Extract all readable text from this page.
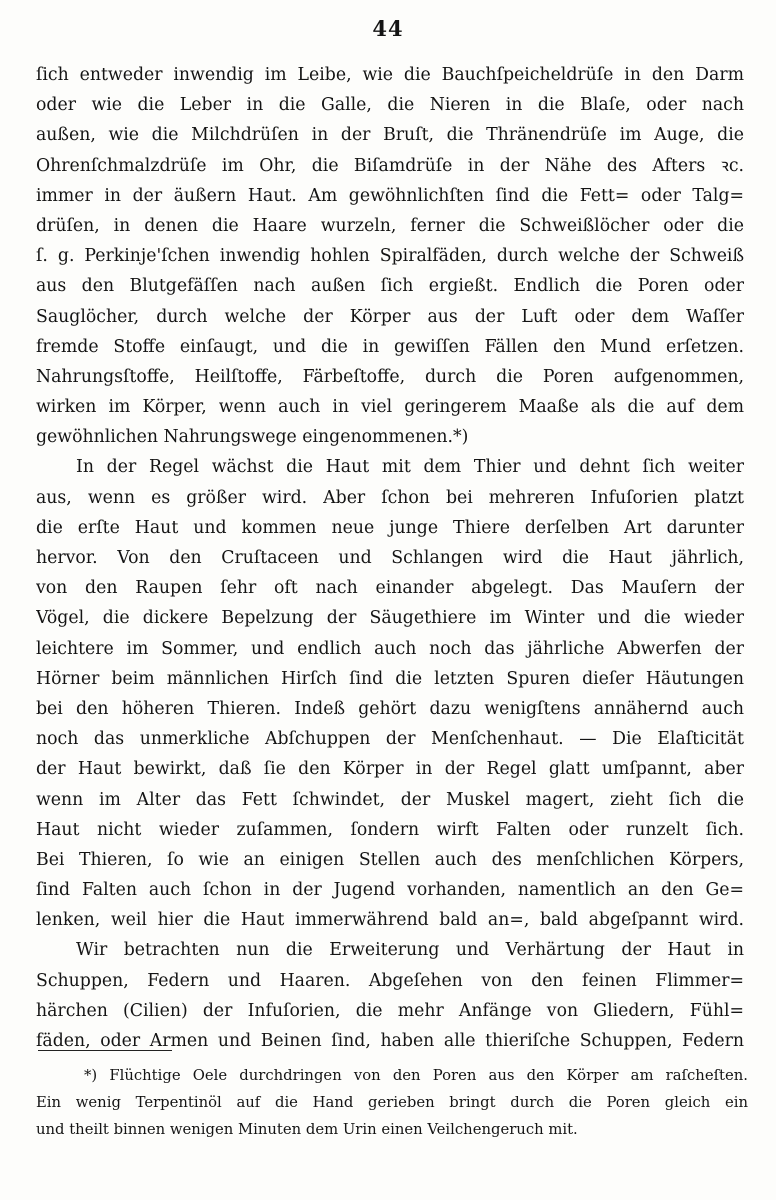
44
ſich entweder inwendig im Leibe, wie die Bauchſpeicheldrüſe in den Darm
oder wie die Leber in die Galle, die Nieren in die Blaſe, oder nach
außen, wie die Milchdrüſen in der Bruſt, die Thränendrüſe im Auge, die
Ohrenſchmalzdrüſe im Ohr, die Biſamdrüſe in der Nähe des Afters ꝛc.
immer in der äußern Haut. Am gewöhnlichſten ſind die Fett= oder Talg=
drüſen, in denen die Haare wurzeln, ferner die Schweißlöcher oder die
ſ. g. Perkinje'ſchen inwendig hohlen Spiralfäden, durch welche der Schweiß
aus den Blutgefäſſen nach außen ſich ergießt. Endlich die Poren oder
Sauglöcher, durch welche der Körper aus der Luft oder dem Waſſer
fremde Stoffe einſaugt, und die in gewiſſen Fällen den Mund erſetzen.
Nahrungsſtoffe, Heilſtoffe, Färbeſtoffe, durch die Poren aufgenommen,
wirken im Körper, wenn auch in viel geringerem Maaße als die auf dem
gewöhnlichen Nahrungswege eingenommenen.*)
In der Regel wächst die Haut mit dem Thier und dehnt ſich weiter
aus, wenn es größer wird. Aber ſchon bei mehreren Infuſorien platzt
die erſte Haut und kommen neue junge Thiere derſelben Art darunter
hervor. Von den Cruſtaceen und Schlangen wird die Haut jährlich,
von den Raupen ſehr oft nach einander abgelegt. Das Mauſern der
Vögel, die dickere Bepelzung der Säugethiere im Winter und die wieder
leichtere im Sommer, und endlich auch noch das jährliche Abwerfen der
Hörner beim männlichen Hirſch ſind die letzten Spuren dieſer Häutungen
bei den höheren Thieren. Indeß gehört dazu wenigſtens annähernd auch
noch das unmerkliche Abſchuppen der Menſchenhaut. — Die Elaſticität
der Haut bewirkt, daß ſie den Körper in der Regel glatt umſpannt, aber
wenn im Alter das Fett ſchwindet, der Muskel magert, zieht ſich die
Haut nicht wieder zuſammen, ſondern wirft Falten oder runzelt ſich.
Bei Thieren, ſo wie an einigen Stellen auch des menſchlichen Körpers,
ſind Falten auch ſchon in der Jugend vorhanden, namentlich an den Ge=
lenken, weil hier die Haut immerwährend bald an=, bald abgeſpannt wird.
Wir betrachten nun die Erweiterung und Verhärtung der Haut in
Schuppen, Federn und Haaren. Abgeſehen von den feinen Flimmer=
härchen (Cilien) der Infuſorien, die mehr Anfänge von Gliedern, Fühl=
fäden, oder Armen und Beinen ſind, haben alle thieriſche Schuppen, Federn
*) Flüchtige Oele durchdringen von den Poren aus den Körper am raſcheſten.
Ein wenig Terpentinöl auf die Hand gerieben bringt durch die Poren gleich ein
und theilt binnen wenigen Minuten dem Urin einen Veilchengeruch mit.
